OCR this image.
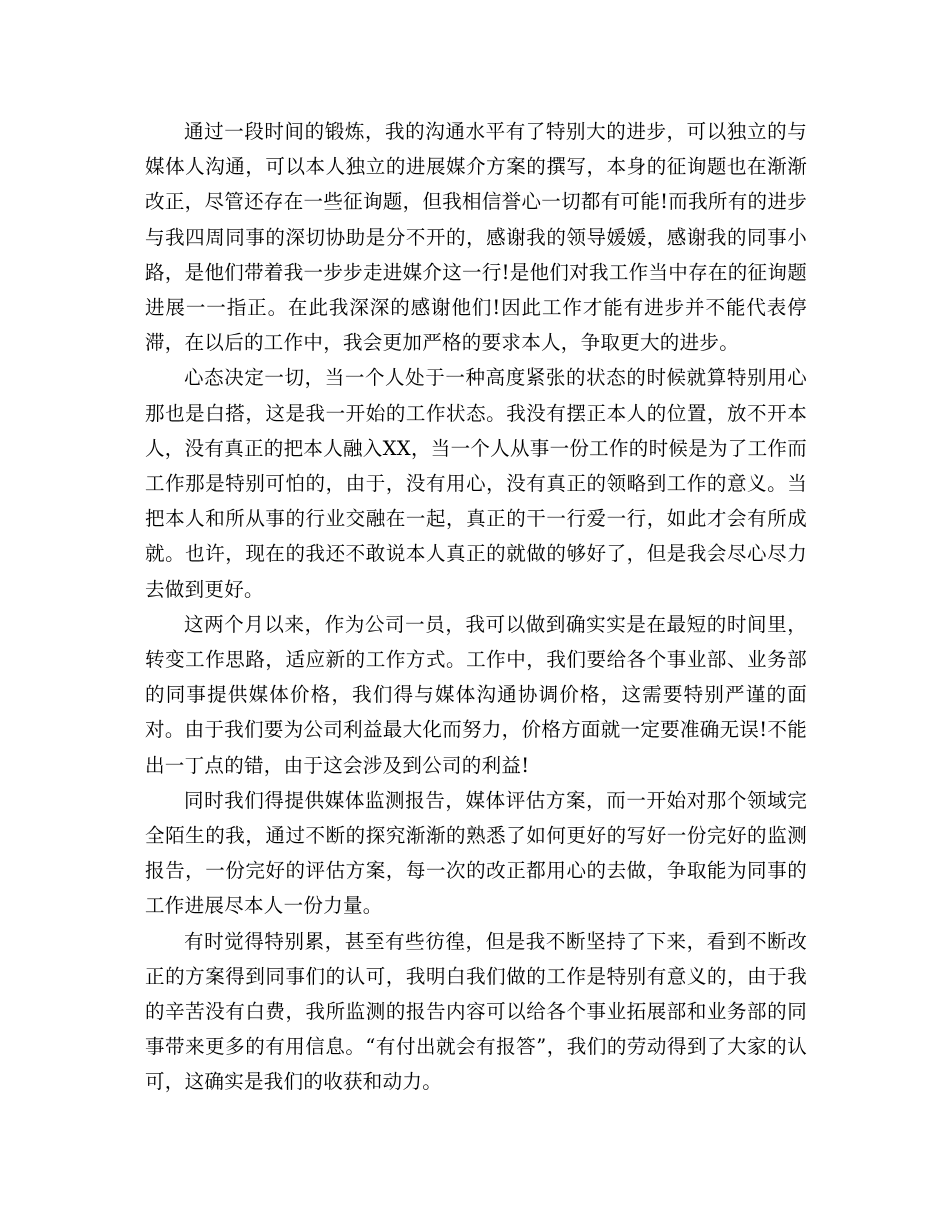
通过一段时间的锻炼，我的沟通水平有了特别大的进步，可以独立的与媒体人沟通，可以本人独立的进展媒介方案的撰写，本身的征询题也在渐渐改正，尽管还存在一些征询题，但我相信誉心一切都有可能!而我所有的进步与我四周同事的深切协助是分不开的，感谢我的领导媛媛，感谢我的同事小路，是他们带着我一步步走进媒介这一行!是他们对我工作当中存在的征询题进展一一指正。在此我深深的感谢他们!因此工作才能有进步并不能代表停滞，在以后的工作中，我会更加严格的要求本人，争取更大的进步。

心态决定一切，当一个人处于一种高度紧张的状态的时候就算特别用心那也是白搭，这是我一开始的工作状态。我没有摆正本人的位置，放不开本人，没有真正的把本人融入XX，当一个人从事一份工作的时候是为了工作而工作那是特别可怕的，由于，没有用心，没有真正的领略到工作的意义。当把本人和所从事的行业交融在一起，真正的干一行爱一行，如此才会有所成就。也许，现在的我还不敢说本人真正的就做的够好了，但是我会尽心尽力去做到更好。

这两个月以来，作为公司一员，我可以做到确实实是在最短的时间里，转变工作思路，适应新的工作方式。工作中，我们要给各个事业部、业务部的同事提供媒体价格，我们得与媒体沟通协调价格，这需要特别严谨的面对。由于我们要为公司利益最大化而努力，价格方面就一定要准确无误!不能出一丁点的错，由于这会涉及到公司的利益!

同时我们得提供媒体监测报告，媒体评估方案，而一开始对那个领域完全陌生的我，通过不断的探究渐渐的熟悉了如何更好的写好一份完好的监测报告，一份完好的评估方案，每一次的改正都用心的去做，争取能为同事的工作进展尽本人一份力量。

有时觉得特别累，甚至有些彷徨，但是我不断坚持了下来，看到不断改正的方案得到同事们的认可，我明白我们做的工作是特别有意义的，由于我的辛苦没有白费，我所监测的报告内容可以给各个事业拓展部和业务部的同事带来更多的有用信息。“有付出就会有报答”，我们的劳动得到了大家的认可，这确实是我们的收获和动力。
